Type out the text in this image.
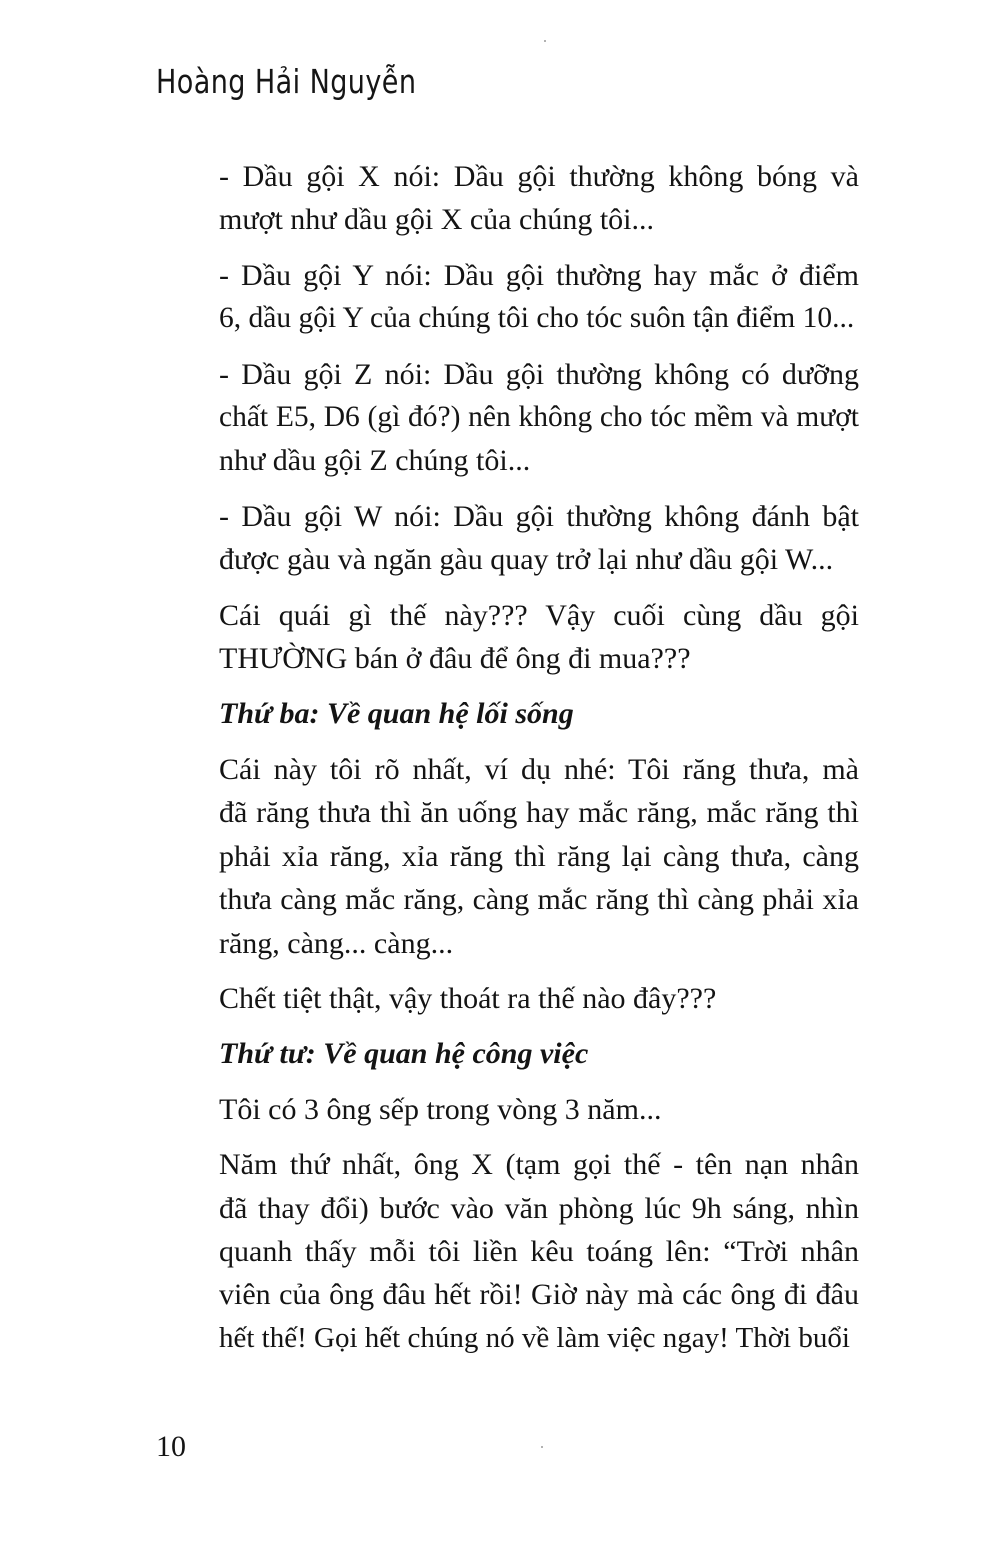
Hoàng Hải Nguyễn
- Dầu gội X nói: Dầu gội thường không bóng và
mượt như dầu gội X của chúng tôi...
- Dầu gội Y nói: Dầu gội thường hay mắc ở điểm
6, dầu gội Y của chúng tôi cho tóc suôn tận điểm 10...
- Dầu gội Z nói: Dầu gội thường không có dưỡng
chất E5, D6 (gì đó?) nên không cho tóc mềm và mượt
như dầu gội Z chúng tôi...
- Dầu gội W nói: Dầu gội thường không đánh bật
được gàu và ngăn gàu quay trở lại như dầu gội W...
Cái quái gì thế này??? Vậy cuối cùng dầu gội
THƯỜNG bán ở đâu để ông đi mua???
Thứ ba: Về quan hệ lối sống
Cái này tôi rõ nhất, ví dụ nhé: Tôi răng thưa, mà
đã răng thưa thì ăn uống hay mắc răng, mắc răng thì
phải xỉa răng, xỉa răng thì răng lại càng thưa, càng
thưa càng mắc răng, càng mắc răng thì càng phải xỉa
răng, càng... càng...
Chết tiệt thật, vậy thoát ra thế nào đây???
Thứ tư: Về quan hệ công việc
Tôi có 3 ông sếp trong vòng 3 năm...
Năm thứ nhất, ông X (tạm gọi thế - tên nạn nhân
đã thay đổi) bước vào văn phòng lúc 9h sáng, nhìn
quanh thấy mỗi tôi liền kêu toáng lên: “Trời nhân
viên của ông đâu hết rồi! Giờ này mà các ông đi đâu
hết thế! Gọi hết chúng nó về làm việc ngay! Thời buổi
10
